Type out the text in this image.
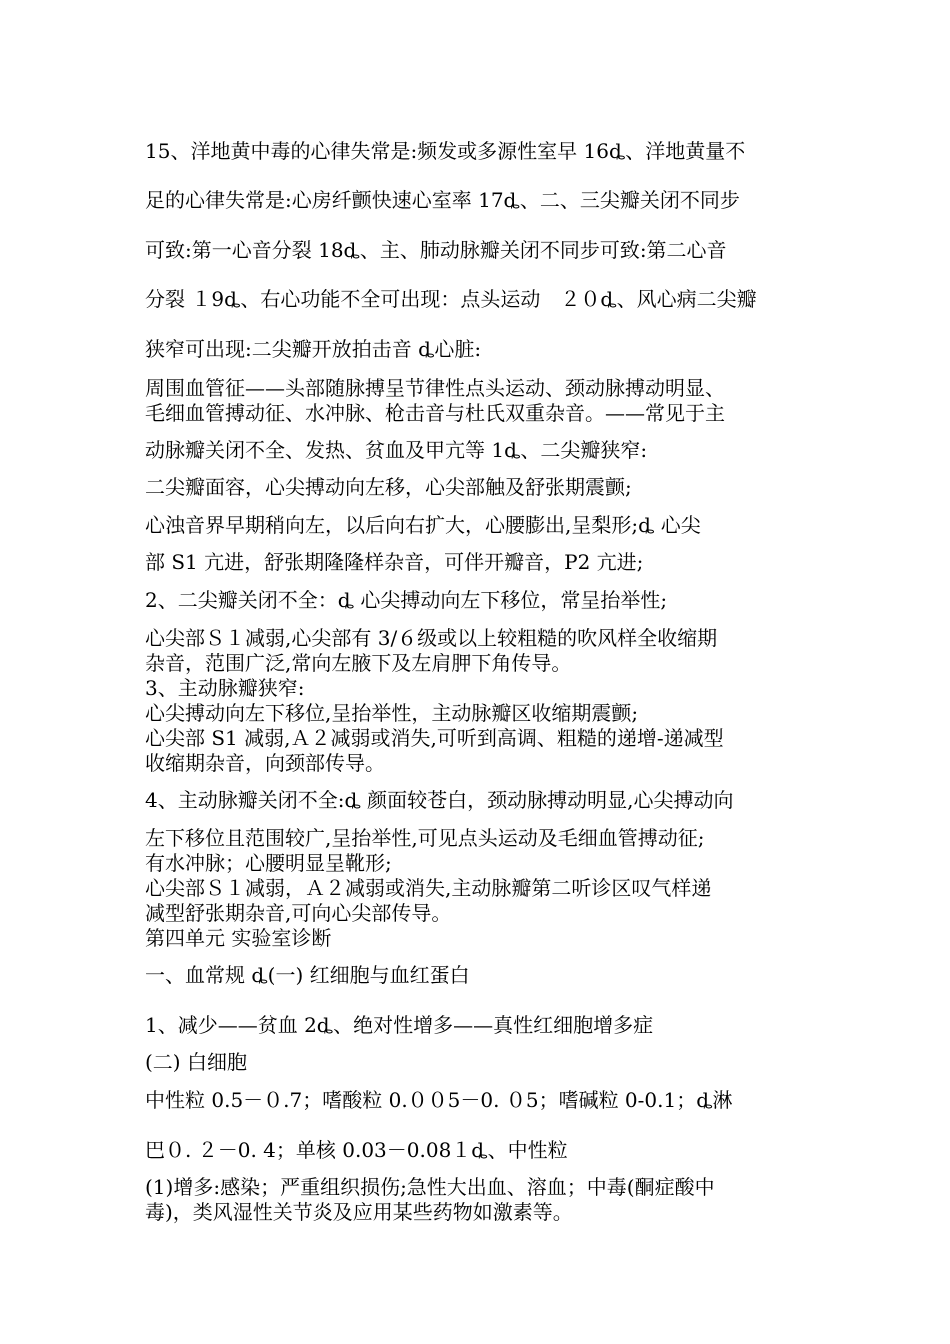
15、洋地黄中毒的心律失常是:频发或多源性室早 16ȡ、洋地黄量不
足的心律失常是:心房纤颤快速心室率 17ȡ、二、三尖瓣关闭不同步
可致:第一心音分裂 18ȡ、主、肺动脉瓣关闭不同步可致:第二心音
分裂 １9ȡ、右心功能不全可出现：点头运动　２０ȡ、风心病二尖瓣
狭窄可出现:二尖瓣开放拍击音 ȡ心脏:
周围血管征——头部随脉搏呈节律性点头运动、颈动脉搏动明显、
毛细血管搏动征、水冲脉、枪击音与杜氏双重杂音。——常见于主
动脉瓣关闭不全、发热、贫血及甲亢等 1ȡ、二尖瓣狭窄:
二尖瓣面容，心尖搏动向左移，心尖部触及舒张期震颤;
心浊音界早期稍向左，以后向右扩大，心腰膨出,呈梨形;ȡ 心尖
部 S1 亢进，舒张期隆隆样杂音，可伴开瓣音，P2 亢进;
2、二尖瓣关闭不全：ȡ 心尖搏动向左下移位，常呈抬举性;
心尖部Ｓ１减弱,心尖部有 3/６级或以上较粗糙的吹风样全收缩期
杂音，范围广泛,常向左腋下及左肩胛下角传导。
3、主动脉瓣狭窄:
心尖搏动向左下移位,呈抬举性，主动脉瓣区收缩期震颤;
心尖部 S1 减弱,Ａ２减弱或消失,可听到高调、粗糙的递增-递减型
收缩期杂音，向颈部传导。
4、主动脉瓣关闭不全:ȡ 颜面较苍白，颈动脉搏动明显,心尖搏动向
左下移位且范围较广,呈抬举性,可见点头运动及毛细血管搏动征;
有水冲脉；心腰明显呈靴形;
心尖部Ｓ１减弱，Ａ２减弱或消失,主动脉瓣第二听诊区叹气样递
减型舒张期杂音,可向心尖部传导。
第四单元 实验室诊断
一、血常规 ȡ(一) 红细胞与血红蛋白
1、减少——贫血 2ȡ、绝对性增多——真性红细胞增多症
(二) 白细胞
中性粒 0.5－０.7；嗜酸粒 0.００5－0. ０5；嗜碱粒 0-0.1；ȡ淋
巴０. ２－0. 4；单核 0.03－0.08１ȡ、中性粒
(1)增多:感染；严重组织损伤;急性大出血、溶血；中毒(酮症酸中
毒)，类风湿性关节炎及应用某些药物如激素等。
